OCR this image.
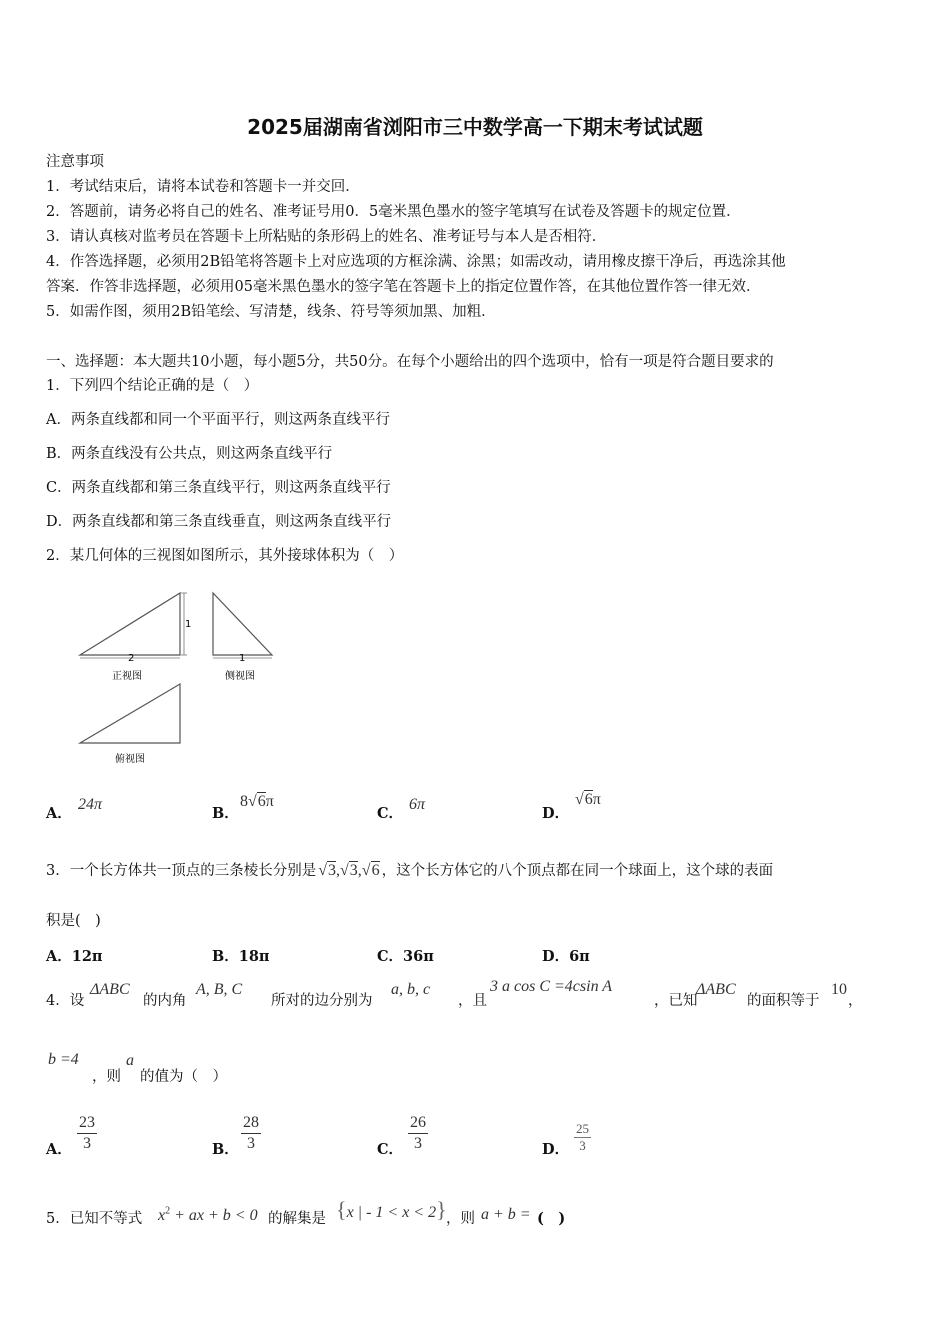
2025届湖南省浏阳市三中数学高一下期末考试试题
注意事项
1．考试结束后，请将本试卷和答题卡一并交回．
2．答题前，请务必将自己的姓名、准考证号用0．5毫米黑色墨水的签字笔填写在试卷及答题卡的规定位置．
3．请认真核对监考员在答题卡上所粘贴的条形码上的姓名、准考证号与本人是否相符．
4．作答选择题，必须用2B铅笔将答题卡上对应选项的方框涂满、涂黑；如需改动，请用橡皮擦干净后，再选涂其他
答案．作答非选择题，必须用05毫米黑色墨水的签字笔在答题卡上的指定位置作答，在其他位置作答一律无效．
5．如需作图，须用2B铅笔绘、写清楚，线条、符号等须加黑、加粗．
一、选择题：本大题共10小题，每小题5分，共50分。在每个小题给出的四个选项中，恰有一项是符合题目要求的
1．下列四个结论正确的是（　）
A．两条直线都和同一个平面平行，则这两条直线平行
B．两条直线没有公共点，则这两条直线平行
C．两条直线都和第三条直线平行，则这两条直线平行
D．两条直线都和第三条直线垂直，则这两条直线平行
2．某几何体的三视图如图所示，其外接球体积为（　）
2
1
正视图
1
侧视图
俯视图
A．
24π
B．
8√6π
C．
6π
D．
√6π
3．一个长方体共一顶点的三条棱长分别是 √3,√3,√6 ，这个长方体它的八个顶点都在同一个球面上，这个球的表面
积是(　)
A．12π	B．18π	C．36π	D．6π
4．设
ΔABC
的内角
A, B, C
所对的边分别为
a, b, c
，且
3 a cos C =4csin A
，已知
ΔABC
的面积等于
10
，
b =4
，则
a
的值为（　）
A． $\frac{23}{3}$	B． $\frac{28}{3}$	C． $\frac{26}{3}$	D． $\frac{25}{3}$
5．已知不等式 $x^2$ + ax + b < 0 的解集是 {x | - 1 < x < 2} ，则 a + b = (　)
